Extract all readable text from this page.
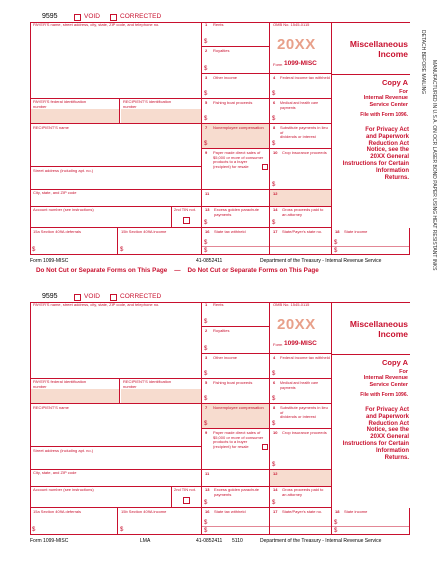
DETACH BEFORE MAILING	MANUFACTURED IN U.S.A. ON OCR LASER BOND PAPER USING HEAT RESISTANT INKS
9595	VOID	CORRECTED
PAYER'S name, street address, city, state, ZIP code, and telephone no.	1 Rents
$
OMB No. 1545-0115
20XX
Form 1099-MISC
Miscellaneous
Income
2 Royalties
$
3 Other income
$
4 Federal income tax withheld
$
Copy A
For
Internal Revenue
Service Center
File with Form 1096.
PAYER'S federal identification
number
RECIPIENT'S identification
number
5 Fishing boat proceeds
$
6 Medical and health care payments
$
RECIPIENT'S name	7 Nonemployee compensation
$
8 Substitute payments in lieu of
dividends or interest
$
For Privacy Act
and Paperwork
Reduction Act
Notice, see the
20XX General
Instructions for Certain
Information
Returns.
Street address (including apt. no.)
9 Payer made direct sales of
$5,000 or more of consumer
products to a buyer
(recipient) for resale
10 Crop insurance proceeds
$
City, state, and ZIP code	11	12
Account number (see instructions)	2nd TIN not. 13 Excess golden parachute
payments
$
14 Gross proceeds paid to
an attorney
$
15a Section 409A deferrals
$
15b Section 409A income
$
16 State tax withheld
$
$
17 State/Payer's state no.	18 State income
$
$
Form 1099-MISC	41-0852411	Department of the Treasury - Internal Revenue Service
Do Not Cut or Separate Forms on This Page    —    Do Not Cut or Separate Forms on This Page
9595	VOID	CORRECTED
PAYER'S name, street address, city, state, ZIP code, and telephone no.	1 Rents
$
OMB No. 1545-0115
20XX
Form 1099-MISC
Miscellaneous
Income
2 Royalties
$
3 Other income
$
4 Federal income tax withheld
$
Copy A
For
Internal Revenue
Service Center
File with Form 1096.
PAYER'S federal identification
number
RECIPIENT'S identification
number
5 Fishing boat proceeds
$
6 Medical and health care payments
$
RECIPIENT'S name	7 Nonemployee compensation
$
8 Substitute payments in lieu of
dividends or interest
$
For Privacy Act
and Paperwork
Reduction Act
Notice, see the
20XX General
Instructions for Certain
Information
Returns.
Street address (including apt. no.)
9 Payer made direct sales of
$5,000 or more of consumer
products to a buyer
(recipient) for resale
10 Crop insurance proceeds
$
City, state, and ZIP code	11	12
Account number (see instructions)	2nd TIN not. 13 Excess golden parachute
payments
$
14 Gross proceeds paid to
an attorney
$
15a Section 409A deferrals
$
15b Section 409A income
$
16 State tax withheld
$
$
17 State/Payer's state no.	18 State income
$
$
Form 1099-MISC	LMA	41-0852411 5110	Department of the Treasury - Internal Revenue Service
